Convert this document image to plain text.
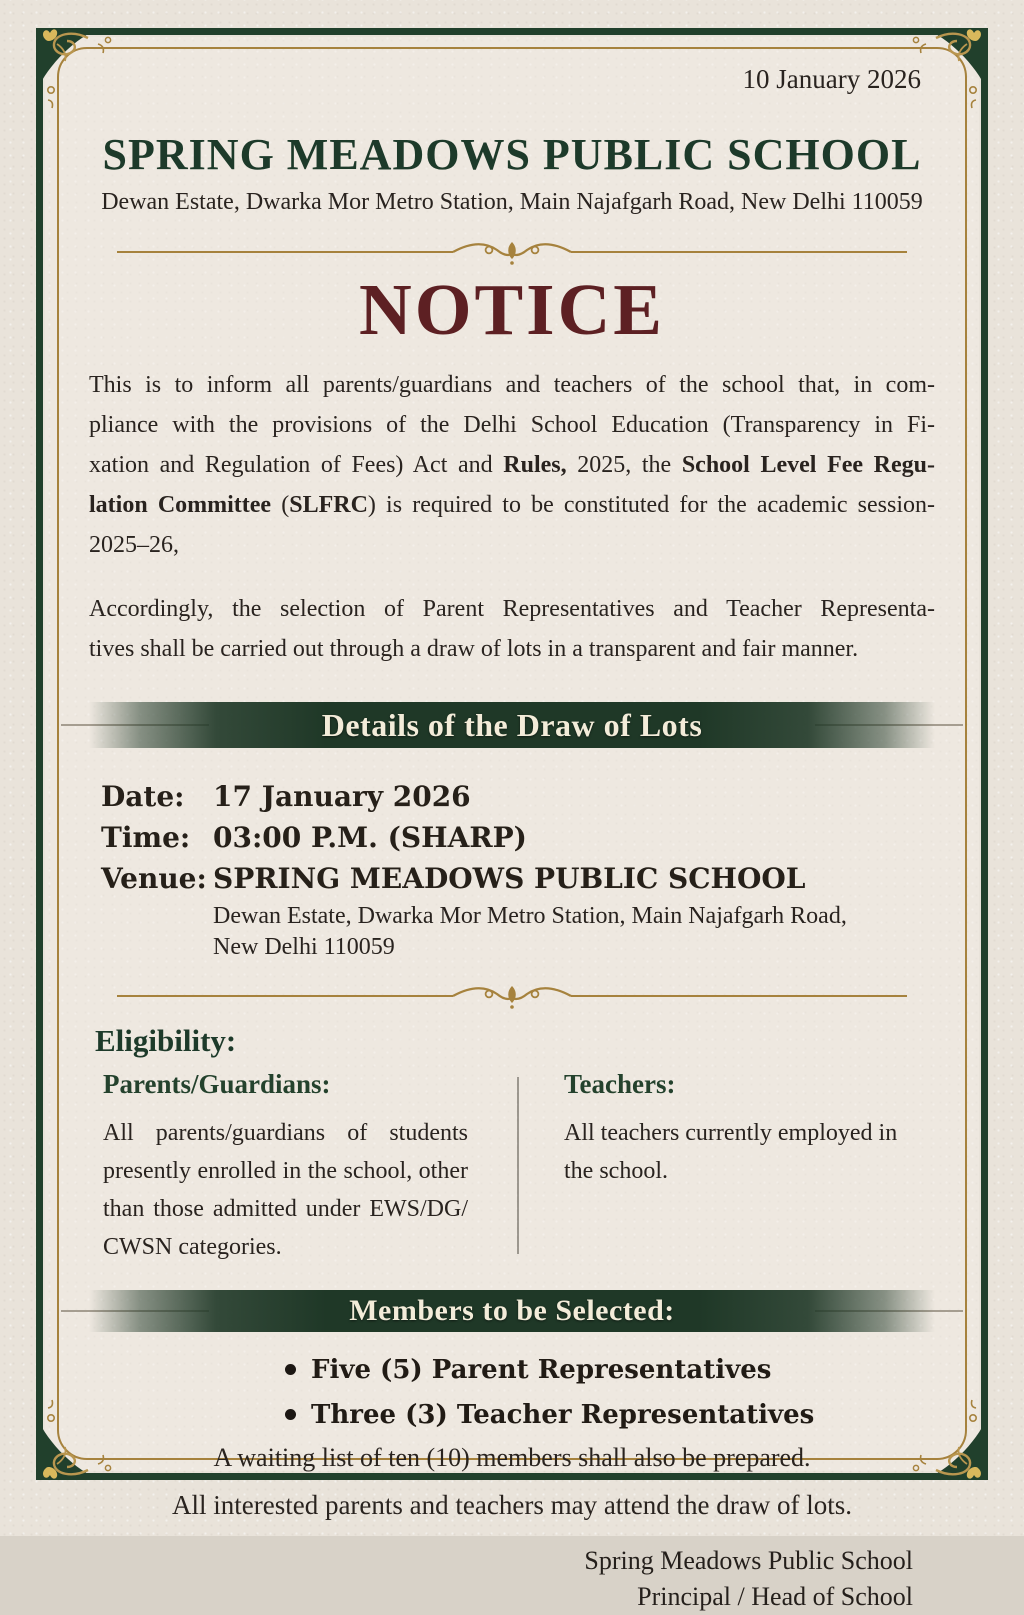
10 January 2026
SPRING MEADOWS PUBLIC SCHOOL
Dewan Estate, Dwarka Mor Metro Station, Main Najafgarh Road, New Delhi 110059
NOTICE
This is to inform all parents/guardians and teachers of the school that, in com-
pliance with the provisions of the Delhi School Education (Transparency in Fi-
xation and Regulation of Fees) Act and Rules, 2025, the School Level Fee Regu-
lation Committee (SLFRC) is required to be constituted for the academic session-
2025–26,
Accordingly, the selection of Parent Representatives and Teacher Representa-
tives shall be carried out through a draw of lots in a transparent and fair manner.
Details of the Draw of Lots
Date:	17 January 2026
Time: 03:00 P.M. (SHARP)
Venue: SPRING MEADOWS PUBLIC SCHOOL
Dewan Estate, Dwarka Mor Metro Station, Main Najafgarh Road,
New Delhi 110059
Eligibility:
Parents/Guardians:
All parents/guardians of students presently enrolled in the school, other than those admitted under EWS/DG/ CWSN categories.
Teachers:
All teachers currently employed in the school.
Members to be Selected:
Five (5) Parent Representatives
Three (3) Teacher Representatives
A waiting list of ten (10) members shall also be prepared.
All interested parents and teachers may attend the draw of lots.
Spring Meadows Public School
Principal / Head of School
